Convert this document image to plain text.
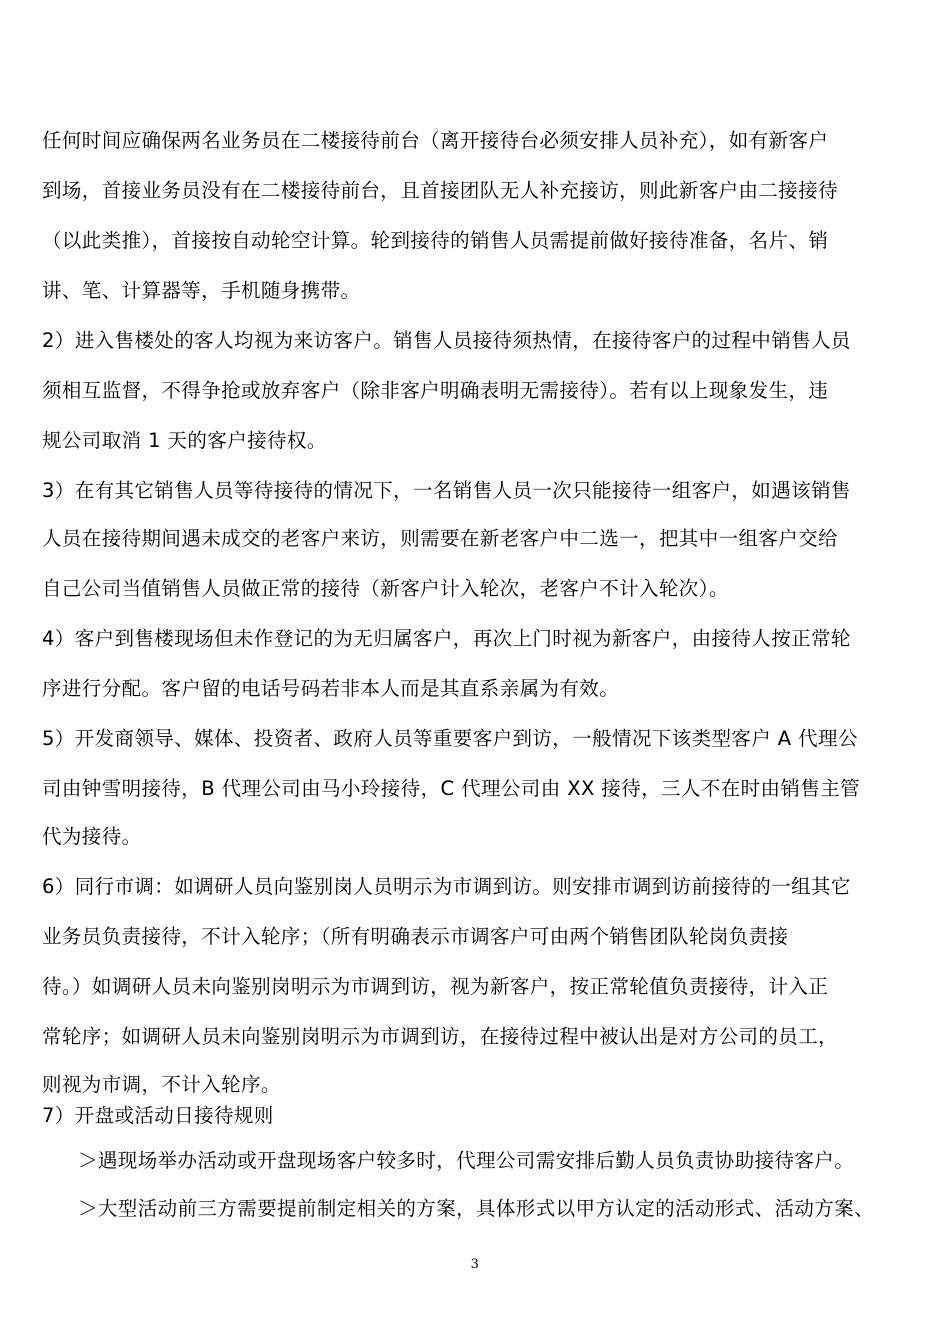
任何时间应确保两名业务员在二楼接待前台（离开接待台必须安排人员补充），如有新客户
到场，首接业务员没有在二楼接待前台，且首接团队无人补充接访，则此新客户由二接接待
（以此类推），首接按自动轮空计算。轮到接待的销售人员需提前做好接待准备，名片、销
讲、笔、计算器等，手机随身携带。
2）进入售楼处的客人均视为来访客户。销售人员接待须热情，在接待客户的过程中销售人员
须相互监督，不得争抢或放弃客户（除非客户明确表明无需接待）。若有以上现象发生，违
规公司取消 1 天的客户接待权。
3）在有其它销售人员等待接待的情况下，一名销售人员一次只能接待一组客户，如遇该销售
人员在接待期间遇未成交的老客户来访，则需要在新老客户中二选一，把其中一组客户交给
自己公司当值销售人员做正常的接待（新客户计入轮次，老客户不计入轮次）。
4）客户到售楼现场但未作登记的为无归属客户，再次上门时视为新客户，由接待人按正常轮
序进行分配。客户留的电话号码若非本人而是其直系亲属为有效。
5）开发商领导、媒体、投资者、政府人员等重要客户到访，一般情况下该类型客户 A 代理公
司由钟雪明接待，B 代理公司由马小玲接待，C 代理公司由 XX 接待，三人不在时由销售主管
代为接待。
6）同行市调：如调研人员向鉴别岗人员明示为市调到访。则安排市调到访前接待的一组其它
业务员负责接待，不计入轮序；（所有明确表示市调客户可由两个销售团队轮岗负责接
待。）如调研人员未向鉴别岗明示为市调到访，视为新客户，按正常轮值负责接待，计入正
常轮序；如调研人员未向鉴别岗明示为市调到访，在接待过程中被认出是对方公司的员工，
则视为市调，不计入轮序。
7）开盘或活动日接待规则
＞遇现场举办活动或开盘现场客户较多时，代理公司需安排后勤人员负责协助接待客户。
＞大型活动前三方需要提前制定相关的方案，具体形式以甲方认定的活动形式、活动方案、
3
